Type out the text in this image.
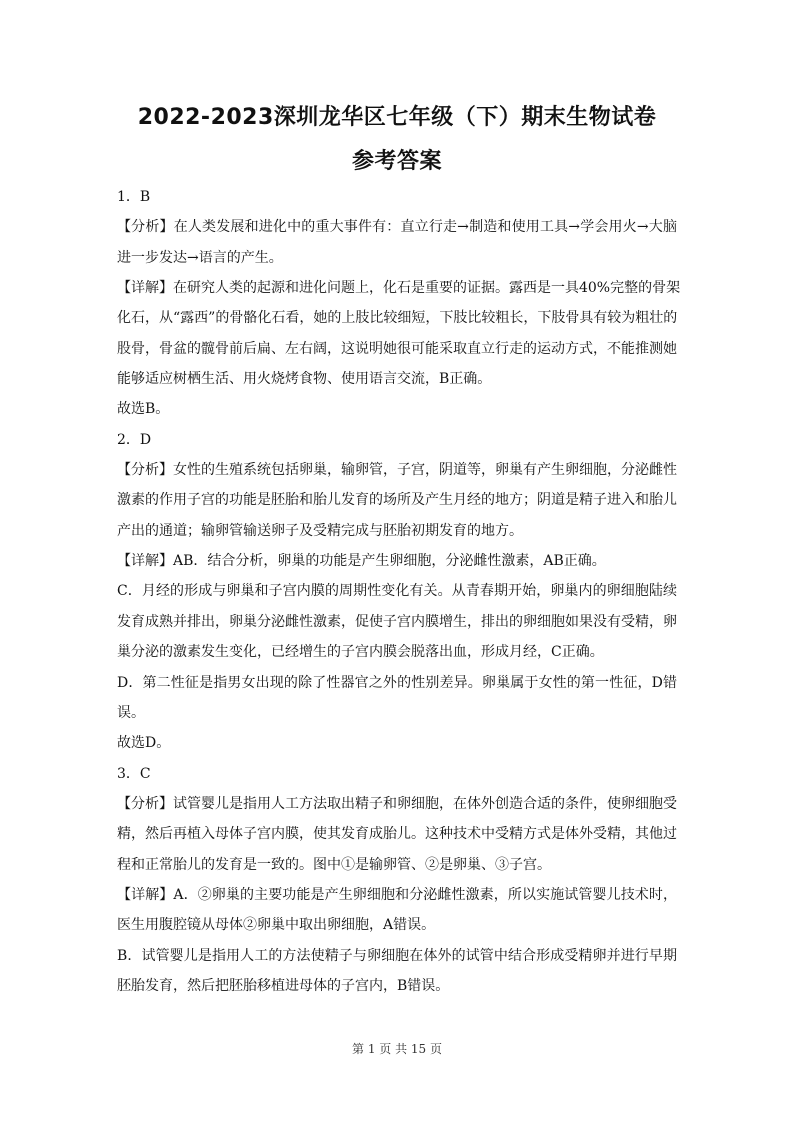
2022-2023深圳龙华区七年级（下）期末生物试卷
参考答案
1．B
【分析】在人类发展和进化中的重大事件有：直立行走→制造和使用工具→学会用火→大脑
进一步发达→语言的产生。
【详解】在研究人类的起源和进化问题上，化石是重要的证据。露西是一具40%完整的骨架
化石，从“露西”的骨骼化石看，她的上肢比较细短，下肢比较粗长，下肢骨具有较为粗壮的
股骨，骨盆的髋骨前后扁、左右阔，这说明她很可能采取直立行走的运动方式，不能推测她
能够适应树栖生活、用火烧烤食物、使用语言交流，B正确。
故选B。
2．D
【分析】女性的生殖系统包括卵巢，输卵管，子宫，阴道等，卵巢有产生卵细胞，分泌雌性
激素的作用子宫的功能是胚胎和胎儿发育的场所及产生月经的地方；阴道是精子进入和胎儿
产出的通道；输卵管输送卵子及受精完成与胚胎初期发育的地方。
【详解】AB．结合分析，卵巢的功能是产生卵细胞，分泌雌性激素，AB正确。
C．月经的形成与卵巢和子宫内膜的周期性变化有关。从青春期开始，卵巢内的卵细胞陆续
发育成熟并排出，卵巢分泌雌性激素，促使子宫内膜增生，排出的卵细胞如果没有受精，卵
巢分泌的激素发生变化，已经增生的子宫内膜会脱落出血，形成月经，C正确。
D．第二性征是指男女出现的除了性器官之外的性别差异。卵巢属于女性的第一性征，D错
误。
故选D。
3．C
【分析】试管婴儿是指用人工方法取出精子和卵细胞，在体外创造合适的条件，使卵细胞受
精，然后再植入母体子宫内膜，使其发育成胎儿。这种技术中受精方式是体外受精，其他过
程和正常胎儿的发育是一致的。图中①是输卵管、②是卵巢、③子宫。
【详解】A．②卵巢的主要功能是产生卵细胞和分泌雌性激素，所以实施试管婴儿技术时，
医生用腹腔镜从母体②卵巢中取出卵细胞，A错误。
B．试管婴儿是指用人工的方法使精子与卵细胞在体外的试管中结合形成受精卵并进行早期
胚胎发育，然后把胚胎移植进母体的子宫内，B错误。
第 1 页 共 15 页
